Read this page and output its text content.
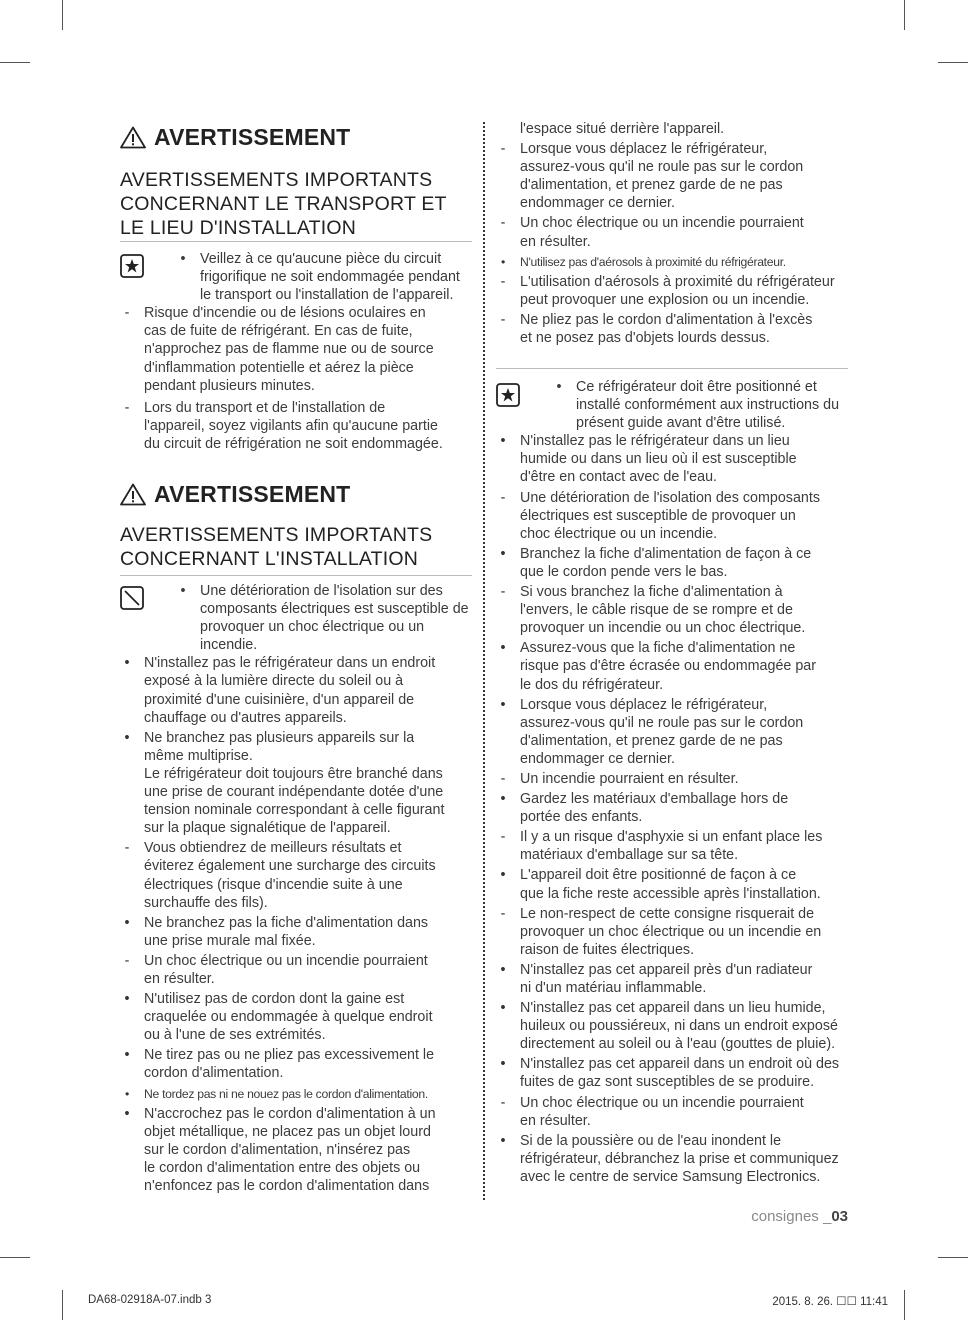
AVERTISSEMENT
AVERTISSEMENTS IMPORTANTS
CONCERNANT LE TRANSPORT ET
LE LIEU D'INSTALLATION
•	Veillez à ce qu'aucune pièce du circuit frigorifique ne soit endommagée pendant le transport ou l'installation de l'appareil.
-	Risque d'incendie ou de lésions oculaires en
cas de fuite de réfrigérant. En cas de fuite,
n'approchez pas de flamme nue ou de source
d'inflammation potentielle et aérez la pièce
pendant plusieurs minutes.
-	Lors du transport et de l'installation de
l'appareil, soyez vigilants afin qu'aucune partie
du circuit de réfrigération ne soit endommagée.
AVERTISSEMENT
AVERTISSEMENTS IMPORTANTS
CONCERNANT L'INSTALLATION
•	Une détérioration de l'isolation sur des composants électriques est susceptible de provoquer un choc électrique ou un incendie.
•	N'installez pas le réfrigérateur dans un endroit
exposé à la lumière directe du soleil ou à
proximité d'une cuisinière, d'un appareil de
chauffage ou d'autres appareils.
•	Ne branchez pas plusieurs appareils sur la
même multiprise.
Le réfrigérateur doit toujours être branché dans
une prise de courant indépendante dotée d'une
tension nominale correspondant à celle figurant
sur la plaque signalétique de l'appareil.
-	Vous obtiendrez de meilleurs résultats et
éviterez également une surcharge des circuits
électriques (risque d'incendie suite à une
surchauffe des fils).
•	Ne branchez pas la fiche d'alimentation dans
une prise murale mal fixée.
-	Un choc électrique ou un incendie pourraient
en résulter.
•	N'utilisez pas de cordon dont la gaine est
craquelée ou endommagée à quelque endroit
ou à l'une de ses extrémités.
•	Ne tirez pas ou ne pliez pas excessivement le
cordon d'alimentation.
•	Ne tordez pas ni ne nouez pas le cordon d'alimentation.
•	N'accrochez pas le cordon d'alimentation à un
objet métallique, ne placez pas un objet lourd
sur le cordon d'alimentation, n'insérez pas
le cordon d'alimentation entre des objets ou
n'enfoncez pas le cordon d'alimentation dans
l'espace situé derrière l'appareil.
-	Lorsque vous déplacez le réfrigérateur,
assurez-vous qu'il ne roule pas sur le cordon
d'alimentation, et prenez garde de ne pas
endommager ce dernier.
-	Un choc électrique ou un incendie pourraient
en résulter.
•	N'utilisez pas d'aérosols à proximité du réfrigérateur.
-	L'utilisation d'aérosols à proximité du réfrigérateur
peut provoquer une explosion ou un incendie.
-	Ne pliez pas le cordon d'alimentation à l'excès
et ne posez pas d'objets lourds dessus.
•	Ce réfrigérateur doit être positionné et installé conformément aux instructions du présent guide avant d'être utilisé.
•	N'installez pas le réfrigérateur dans un lieu
humide ou dans un lieu où il est susceptible
d'être en contact avec de l'eau.
-	Une détérioration de l'isolation des composants
électriques est susceptible de provoquer un
choc électrique ou un incendie.
•	Branchez la fiche d'alimentation de façon à ce
que le cordon pende vers le bas.
-	Si vous branchez la fiche d'alimentation à
l'envers, le câble risque de se rompre et de
provoquer un incendie ou un choc électrique.
•	Assurez-vous que la fiche d'alimentation ne
risque pas d'être écrasée ou endommagée par
le dos du réfrigérateur.
•	Lorsque vous déplacez le réfrigérateur,
assurez-vous qu'il ne roule pas sur le cordon
d'alimentation, et prenez garde de ne pas
endommager ce dernier.
-	Un incendie pourraient en résulter.
•	Gardez les matériaux d'emballage hors de
portée des enfants.
-	Il y a un risque d'asphyxie si un enfant place les
matériaux d'emballage sur sa tête.
•	L'appareil doit être positionné de façon à ce
que la fiche reste accessible après l'installation.
-	Le non-respect de cette consigne risquerait de
provoquer un choc électrique ou un incendie en
raison de fuites électriques.
•	N'installez pas cet appareil près d'un radiateur
ni d'un matériau inflammable.
•	N'installez pas cet appareil dans un lieu humide,
huileux ou poussiéreux, ni dans un endroit exposé
directement au soleil ou à l'eau (gouttes de pluie).
•	N'installez pas cet appareil dans un endroit où des
fuites de gaz sont susceptibles de se produire.
-	Un choc électrique ou un incendie pourraient
en résulter.
•	Si de la poussière ou de l'eau inondent le
réfrigérateur, débranchez la prise et communiquez
avec le centre de service Samsung Electronics.
consignes _03
DA68-02918A-07.indb 3	2015. 8. 26. ☐☐ 11:41
